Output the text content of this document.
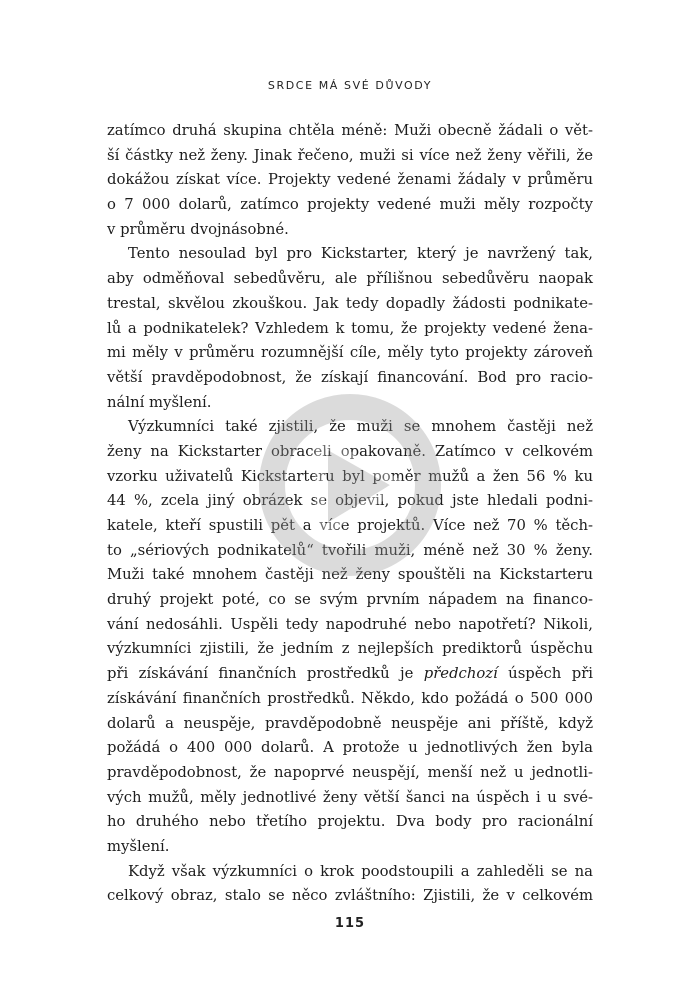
SRDCE MÁ SVÉ DŮVODY
zatímco druhá skupina chtěla méně: Muži obecně žádali o vět-
ší částky než ženy. Jinak řečeno, muži si více než ženy věřili, že
dokážou získat více. Projekty vedené ženami žádaly v průměru
o 7 000 dolarů, zatímco projekty vedené muži měly rozpočty
v průměru dvojnásobné.
Tento nesoulad byl pro Kickstarter, který je navržený tak,
aby odměňoval sebedůvěru, ale přílišnou sebedůvěru naopak
trestal, skvělou zkouškou. Jak tedy dopadly žádosti podnikate-
lů a podnikatelek? Vzhledem k tomu, že projekty vedené žena-
mi měly v průměru rozumnější cíle, měly tyto projekty zároveň
větší pravděpodobnost, že získají financování. Bod pro racio-
nální myšlení.
Výzkumníci také zjistili, že muži se mnohem častěji než
ženy na Kickstarter obraceli opakovaně. Zatímco v celkovém
vzorku uživatelů Kickstarteru byl poměr mužů a žen 56 % ku
44 %, zcela jiný obrázek se objevil, pokud jste hledali podni-
katele, kteří spustili pět a více projektů. Více než 70 % těch-
to „sériových podnikatelů“ tvořili muži, méně než 30 % ženy.
Muži také mnohem častěji než ženy spouštěli na Kickstarteru
druhý projekt poté, co se svým prvním nápadem na financo-
vání nedosáhli. Uspěli tedy napodruhé nebo napotřetí? Nikoli,
výzkumníci zjistili, že jedním z nejlepších prediktorů úspěchu
při získávání finančních prostředků je předchozí úspěch při
získávání finančních prostředků. Někdo, kdo požádá o 500 000
dolarů a neuspěje, pravděpodobně neuspěje ani příště, když
požádá o 400 000 dolarů. A protože u jednotlivých žen byla
pravděpodobnost, že napoprvé neuspějí, menší než u jednotli-
vých mužů, měly jednotlivé ženy větší šanci na úspěch i u své-
ho druhého nebo třetího projektu. Dva body pro racionální
myšlení.
Když však výzkumníci o krok poodstoupili a zahleděli se na
celkový obraz, stalo se něco zvláštního: Zjistili, že v celkovém
115
